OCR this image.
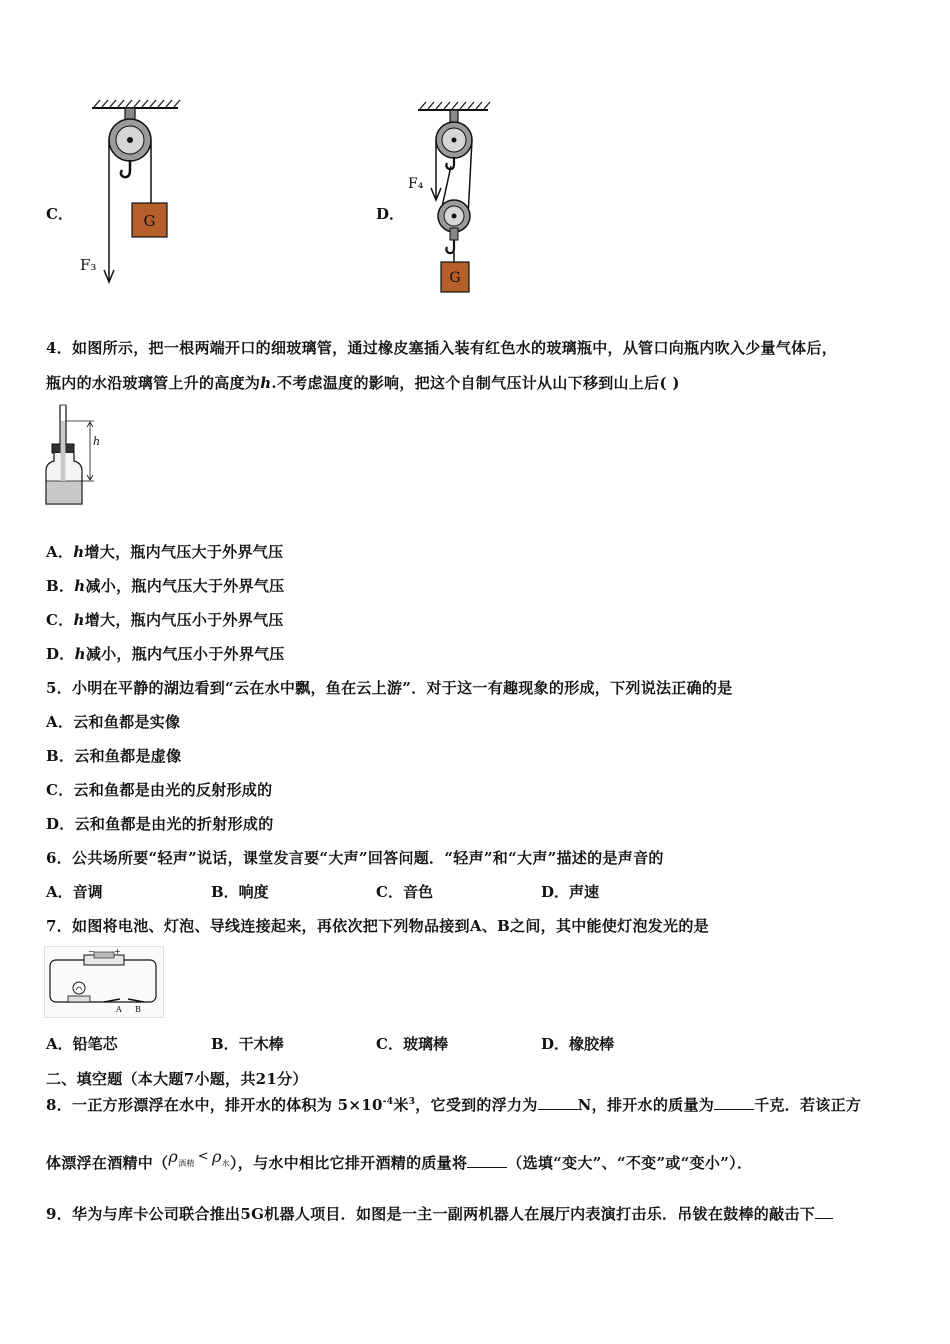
C．	G
F₃
D．
F₄
G
4．如图所示，把一根两端开口的细玻璃管，通过橡皮塞插入装有红色水的玻璃瓶中，从管口向瓶内吹入少量气体后，
瓶内的水沿玻璃管上升的高度为h.不考虑温度的影响，把这个自制气压计从山下移到山上后( )
h
A．h增大，瓶内气压大于外界气压
B．h减小，瓶内气压大于外界气压
C．h增大，瓶内气压小于外界气压
D．h减小，瓶内气压小于外界气压
5．小明在平静的湖边看到“云在水中飘，鱼在云上游”．对于这一有趣现象的形成，下列说法正确的是
A．云和鱼都是实像
B．云和鱼都是虚像
C．云和鱼都是由光的反射形成的
D．云和鱼都是由光的折射形成的
6．公共场所要“轻声”说话，课堂发言要“大声”回答问题．“轻声”和“大声”描述的是声音的
A．音调	B．响度	C．音色	D．声速
7．如图将电池、灯泡、导线连接起来，再依次把下列物品接到A、B之间，其中能使灯泡发光的是
− +
A B
A．铅笔芯	B．干木棒	C．玻璃棒	D．橡胶棒
二、填空题（本大题7小题，共21分）
8．一正方形漂浮在水中，排开水的体积为 $5\times 10^{-4}$米$^3$，它受到的浮力为	N，排开水的质量为	千克．若该正方
体漂浮在酒精中$(\rho_{酒精} < \rho_水)$，与水中相比它排开酒精的质量将	（选填“变大”、“不变”或“变小”）．
9．华为与库卡公司联合推出5G机器人项目．如图是一主一副两机器人在展厅内表演打击乐．吊钹在鼓棒的敲击下
